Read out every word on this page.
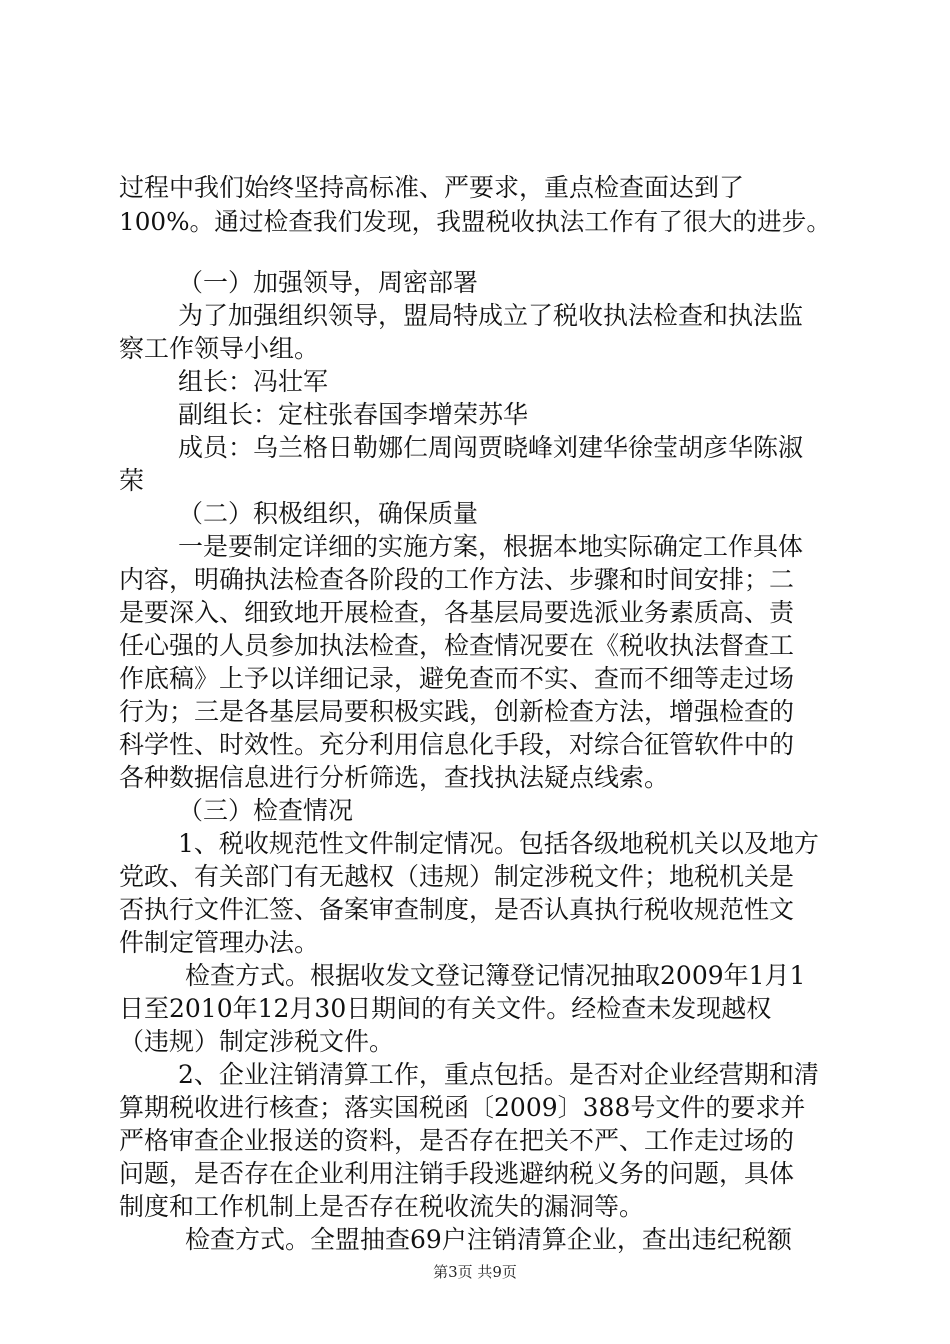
过程中我们始终坚持高标准、严要求，重点检查面达到了
100%。通过检查我们发现，我盟税收执法工作有了很大的进步。
（一）加强领导，周密部署
为了加强组织领导，盟局特成立了税收执法检查和执法监
察工作领导小组。
组长：冯壮军
副组长：定柱张春国李增荣苏华
成员：乌兰格日勒娜仁周闯贾晓峰刘建华徐莹胡彦华陈淑
荣
（二）积极组织，确保质量
一是要制定详细的实施方案，根据本地实际确定工作具体
内容，明确执法检查各阶段的工作方法、步骤和时间安排；二
是要深入、细致地开展检查，各基层局要选派业务素质高、责
任心强的人员参加执法检查，检查情况要在《税收执法督查工
作底稿》上予以详细记录，避免查而不实、查而不细等走过场
行为；三是各基层局要积极实践，创新检查方法，增强检查的
科学性、时效性。充分利用信息化手段，对综合征管软件中的
各种数据信息进行分析筛选，查找执法疑点线索。
（三）检查情况
1、税收规范性文件制定情况。包括各级地税机关以及地方
党政、有关部门有无越权（违规）制定涉税文件；地税机关是
否执行文件汇签、备案审查制度，是否认真执行税收规范性文
件制定管理办法。
检查方式。根据收发文登记簿登记情况抽取2009年1月1
日至2010年12月30日期间的有关文件。经检查未发现越权
（违规）制定涉税文件。
2、企业注销清算工作，重点包括。是否对企业经营期和清
算期税收进行核查；落实国税函〔2009〕388号文件的要求并
严格审查企业报送的资料，是否存在把关不严、工作走过场的
问题，是否存在企业利用注销手段逃避纳税义务的问题，具体
制度和工作机制上是否存在税收流失的漏洞等。
检查方式。全盟抽查69户注销清算企业，查出违纪税额
第3页 共9页
